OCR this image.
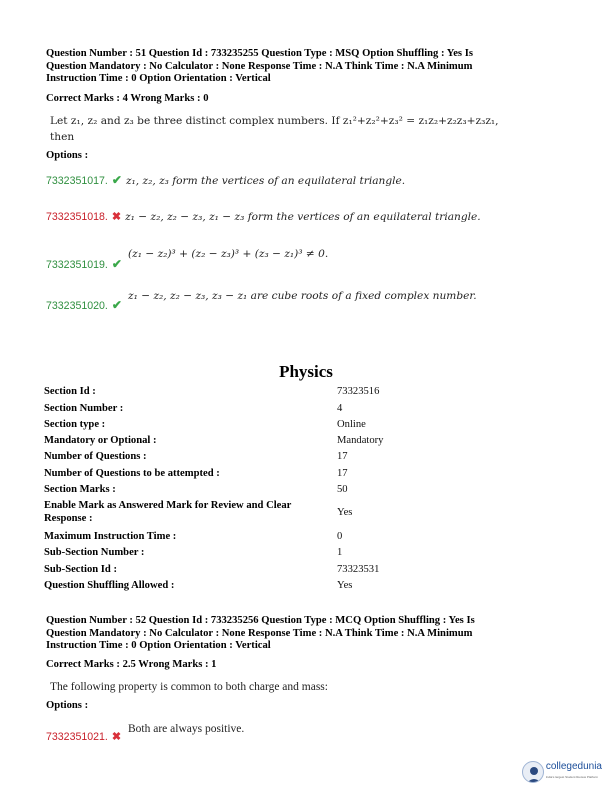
Question Number : 51 Question Id : 733235255 Question Type : MSQ Option Shuffling : Yes Is
Question Mandatory : No Calculator : None Response Time : N.A Think Time : N.A Minimum
Instruction Time : 0 Option Orientation : Vertical
Correct Marks : 4 Wrong Marks : 0
Let z₁, z₂ and z₃ be three distinct complex numbers. If z₁²+z₂²+z₃² = z₁z₂+z₂z₃+z₃z₁,
then
Options :
7332351017. ✔ z₁, z₂, z₃ form the vertices of an equilateral triangle.
7332351018. ✖ z₁ − z₂, z₂ − z₃, z₁ − z₃ form the vertices of an equilateral triangle.
(z₁ − z₂)³ + (z₂ − z₃)³ + (z₃ − z₁)³ ≠ 0.
7332351019. ✔
z₁ − z₂, z₂ − z₃, z₃ − z₁ are cube roots of a fixed complex number.
7332351020. ✔
Physics
Section Id :	73323516
Section Number :	4
Section type :	Online
Mandatory or Optional :	Mandatory
Number of Questions :	17
Number of Questions to be attempted :	17
Section Marks :	50
Enable Mark as Answered Mark for Review and Clear Response :
Yes
Maximum Instruction Time :	0
Sub-Section Number :	1
Sub-Section Id :	73323531
Question Shuffling Allowed :	Yes
Question Number : 52 Question Id : 733235256 Question Type : MCQ Option Shuffling : Yes Is
Question Mandatory : No Calculator : None Response Time : N.A Think Time : N.A Minimum
Instruction Time : 0 Option Orientation : Vertical
Correct Marks : 2.5 Wrong Marks : 1
The following property is common to both charge and mass:
Options :
Both are always positive.
7332351021. ✖
collegedunia
India's largest Student Review Platform
